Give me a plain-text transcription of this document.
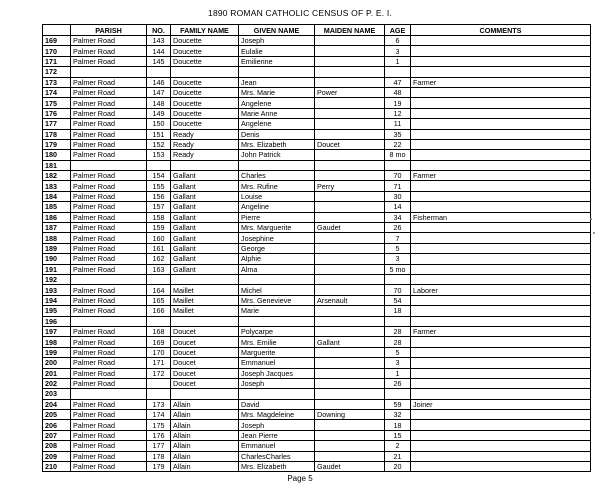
1890 ROMAN CATHOLIC CENSUS OF P. E. I.
	PARISH	NO.	FAMILY NAME	GIVEN NAME	MAIDEN NAME	AGE	COMMENTS
169	Palmer Road	143	Doucette	Joseph		6	
170	Palmer Road	144	Doucette	Eulalie		3	
171	Palmer Road	145	Doucette	Emilienne		1	
172							
173	Palmer Road	146	Doucette	Jean		47	Farmer
174	Palmer Road	147	Doucette	Mrs. Marie	Power	48	
175	Palmer Road	148	Doucette	Angelene		19	
176	Palmer Road	149	Doucette	Marie Anne		12	
177	Palmer Road	150	Doucette	Angelene		11	
178	Palmer Road	151	Ready	Denis		35	
179	Palmer Road	152	Ready	Mrs. Elizabeth	Doucet	22	
180	Palmer Road	153	Ready	John Patrick		8 mo	
181							
182	Palmer Road	154	Gallant	Charles		70	Farmer
183	Palmer Road	155	Gallant	Mrs. Rufine	Perry	71	
184	Palmer Road	156	Gallant	Louise		30	
185	Palmer Road	157	Gallant	Angeline		14	
186	Palmer Road	158	Gallant	Pierre		34	Fisherman
187	Palmer Road	159	Gallant	Mrs. Marguerite	Gaudet	26	
188	Palmer Road	160	Gallant	Josephine		7	
189	Palmer Road	161	Gallant	George		5	
190	Palmer Road	162	Gallant	Alphie		3	
191	Palmer Road	163	Gallant	Alma		5 mo	
192							
193	Palmer Road	164	Maillet	Michel		70	Laborer
194	Palmer Road	165	Maillet	Mrs. Genevieve	Arsenault	54	
195	Palmer Road	166	Maillet	Marie		18	
196							
197	Palmer Road	168	Doucet	Polycarpe		28	Farmer
198	Palmer Road	169	Doucet	Mrs. Emilie	Gallant	28	
199	Palmer Road	170	Doucet	Marguerite		5	
200	Palmer Road	171	Doucet	Emmanuel		3	
201	Palmer Road	172	Doucet	Joseph Jacques		1	
202	Palmer Road		Doucet	Joseph		26	
203							
204	Palmer Road	173	Allain	David		59	Joiner
205	Palmer Road	174	Allain	Mrs. Magdeleine	Downing	32	
206	Palmer Road	175	Allain	Joseph		18	
207	Palmer Road	176	Allain	Jean Pierre		15	
208	Palmer Road	177	Allain	Emmanuel		2	
209	Palmer Road	178	Allain	CharlesCharles		21	
210	Palmer Road	179	Allain	Mrs. Elizabeth	Gaudet	20	
Page 5
